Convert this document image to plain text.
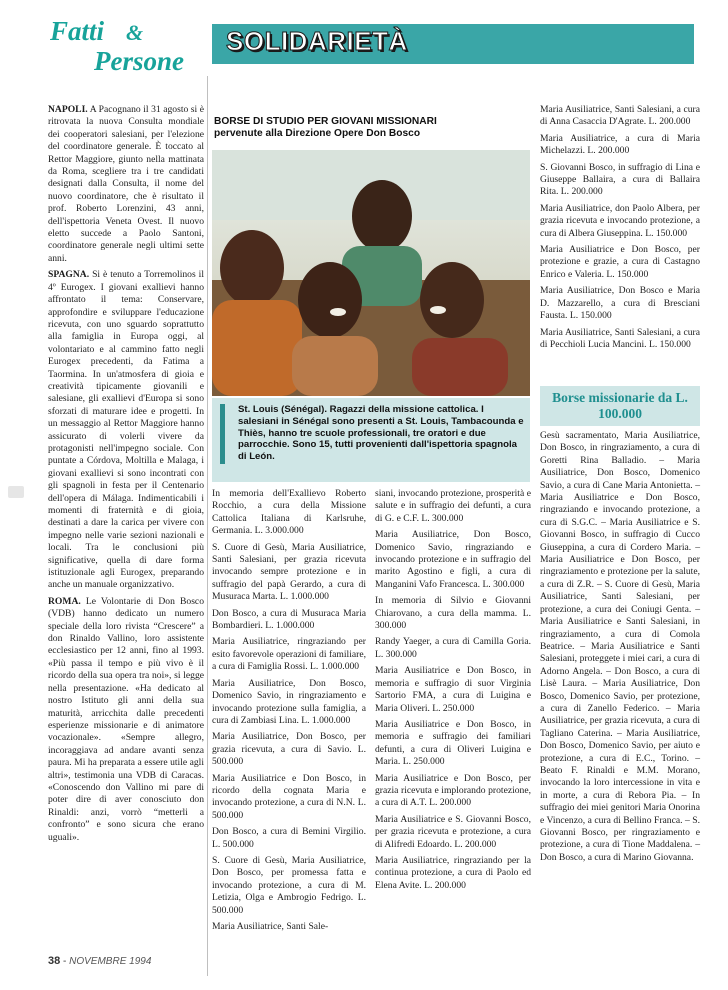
Fatti &
Persone
SOLIDARIETÀ

NAPOLI. A Pacognano il 31 agosto si è ritrovata la nuova Consulta mondiale dei cooperatori salesiani, per l'elezione del coordinatore generale. È toccato al Rettor Maggiore, giunto nella mattinata da Roma, scegliere tra i tre candidati designati dalla Consulta, il nome del nuovo coordinatore, che è risultato il prof. Roberto Lorenzini, 43 anni, dell'ispettoria Veneta Ovest. Il nuovo eletto succede a Paolo Santoni, coordinatore generale negli ultimi sette anni.

SPAGNA. Si è tenuto a Torremolinos il 4º Eurogex. I giovani exallievi hanno affrontato il tema: Conservare, approfondire e sviluppare l'educazione ricevuta, con uno sguardo soprattutto alla famiglia in Europa oggi, al volontariato e al cammino fatto negli Eurogex precedenti, da Fatima a Taormina. In un'atmosfera di gioia e creatività tipicamente giovanili e salesiane, gli exallievi d'Europa si sono sforzati di maturare idee e progetti. In un messaggio al Rettor Maggiore hanno assicurato di volerli vivere da protagonisti nell'impegno sociale. Con puntate a Córdova, Moltilla e Malaga, i giovani exallievi si sono incontrati con gli spagnoli in festa per il Centenario dell'opera di Málaga. Indimenticabili i momenti di fraternità e di gioia, destinati a dare la carica per vivere con impegno nelle varie sezioni nazionali e locali. Tra le conclusioni più significative, quella di dare forma istituzionale agli Eurogex, preparando anche un manuale organizzativo.

ROMA. Le Volontarie di Don Bosco (VDB) hanno dedicato un numero speciale della loro rivista “Crescere” a don Rinaldo Vallino, loro assistente ecclesiastico per 12 anni, fino al 1993. «Più passa il tempo e più vivo è il ricordo della sua opera tra noi», si legge nella presentazione. «Ha dedicato al nostro Istituto gli anni della sua maturità, arricchita dalle precedenti esperienze missionarie e di animatore vocazionale». «Sempre allegro, incoraggiava ad andare avanti senza paura. Mi ha preparata a essere utile agli altri», testimonia una VDB di Caracas. «Conoscendo don Vallino mi pare di poter dire di aver conosciuto don Rinaldi: anzi, vorrò “metterli a confronto” e sono sicura che erano uguali».

BORSE DI STUDIO PER GIOVANI MISSIONARI
pervenute alla Direzione Opere Don Bosco

St. Louis (Sénégal). Ragazzi della missione cattolica. I salesiani in Sénégal sono presenti a St. Louis, Tambacounda e Thiès, hanno tre scuole professionali, tre oratori e due parrocchie. Sono 15, tutti provenienti dall'ispettoria spagnola di León.

In memoria dell'Exallievo Roberto Rocchio, a cura della Missione Cattolica Italiana di Karlsruhe, Germania. L. 3.000.000

S. Cuore di Gesù, Maria Ausiliatrice, Santi Salesiani, per grazia ricevuta invocando sempre protezione e in suffragio del papà Gerardo, a cura di Musuraca Marta. L. 1.000.000

Don Bosco, a cura di Musuraca Maria Bombardieri. L. 1.000.000

Maria Ausiliatrice, ringraziando per esito favorevole operazioni di familiare, a cura di Famiglia Rossi. L. 1.000.000

Maria Ausiliatrice, Don Bosco, Domenico Savio, in ringraziamento e invocando protezione sulla famiglia, a cura di Zambiasi Lina. L. 1.000.000

Maria Ausiliatrice, Don Bosco, per grazia ricevuta, a cura di Savio. L. 500.000

Maria Ausiliatrice e Don Bosco, in ricordo della cognata Maria e invocando protezione, a cura di N.N. L. 500.000

Don Bosco, a cura di Bemini Virgilio. L. 500.000

S. Cuore di Gesù, Maria Ausiliatrice, Don Bosco, per promessa fatta e invocando protezione, a cura di M. Letizia, Olga e Ambrogio Fedrigo. L. 500.000

Maria Ausiliatrice, Santi Sale-

siani, invocando protezione, prosperità e salute e in suffragio dei defunti, a cura di G. e C.F. L. 300.000

Maria Ausiliatrice, Don Bosco, Domenico Savio, ringraziando e invocando protezione e in suffragio del marito Agostino e figli, a cura di Manganini Vafo Francesca. L. 300.000

In memoria di Silvio e Giovanni Chiarovano, a cura della mamma. L. 300.000

Randy Yaeger, a cura di Camilla Goria. L. 300.000

Maria Ausiliatrice e Don Bosco, in memoria e suffragio di suor Virginia Sartorio FMA, a cura di Luigina e Maria Oliveri. L. 250.000

Maria Ausiliatrice e Don Bosco, in memoria e suffragio dei familiari defunti, a cura di Oliveri Luigina e Maria. L. 250.000

Maria Ausiliatrice e Don Bosco, per grazia ricevuta e implorando protezione, a cura di A.T. L. 200.000

Maria Ausiliatrice e S. Giovanni Bosco, per grazia ricevuta e protezione, a cura di Alifredi Edoardo. L. 200.000

Maria Ausiliatrice, ringraziando per la continua protezione, a cura di Paolo ed Elena Avite. L. 200.000

Maria Ausiliatrice, Santi Salesiani, a cura di Anna Casaccia D'Agrate. L. 200.000

Maria Ausiliatrice, a cura di Maria Michelazzi. L. 200.000

S. Giovanni Bosco, in suffragio di Lina e Giuseppe Ballaira, a cura di Ballaira Rita. L. 200.000

Maria Ausiliatrice, don Paolo Albera, per grazia ricevuta e invocando protezione, a cura di Albera Giuseppina. L. 150.000

Maria Ausiliatrice e Don Bosco, per protezione e grazie, a cura di Castagno Enrico e Valeria. L. 150.000

Maria Ausiliatrice, Don Bosco e Maria D. Mazzarello, a cura di Bresciani Fausta. L. 150.000

Maria Ausiliatrice, Santi Salesiani, a cura di Pecchioli Lucia Mancini. L. 150.000

Borse missionarie da L. 100.000

Gesù sacramentato, Maria Ausiliatrice, Don Bosco, in ringraziamento, a cura di Goretti Rina Balladio. – Maria Ausiliatrice, Don Bosco, Domenico Savio, a cura di Cane Maria Antonietta. – Maria Ausiliatrice e Don Bosco, ringraziando e invocando protezione, a cura di S.G.C. – Maria Ausiliatrice e S. Giovanni Bosco, in suffragio di Cucco Giuseppina, a cura di Cordero Maria. – Maria Ausiliatrice e Don Bosco, per ringraziamento e protezione per la salute, a cura di Z.R. – S. Cuore di Gesù, Maria Ausiliatrice, Santi Salesiani, per protezione, a cura dei Coniugi Genta. – Maria Ausiliatrice e Santi Salesiani, in ringraziamento, a cura di Comola Beatrice. – Maria Ausiliatrice e Santi Salesiani, proteggete i miei cari, a cura di Adorno Angela. – Don Bosco, a cura di Lisè Laura. – Maria Ausiliatrice, Don Bosco, Domenico Savio, per protezione, a cura di Zanello Federico. – Maria Ausiliatrice, per grazia ricevuta, a cura di Tagliano Caterina. – Maria Ausiliatrice, Don Bosco, Domenico Savio, per aiuto e protezione, a cura di E.C., Torino. – Beato F. Rinaldi e M.M. Morano, invocando la loro intercessione in vita e in morte, a cura di Rebora Pia. – In suffragio dei miei genitori Maria Onorina e Vincenzo, a cura di Bellino Franca. – S. Giovanni Bosco, per ringraziamento e protezione, a cura di Tione Maddalena. – Don Bosco, a cura di Marino Giovanna.

38 - NOVEMBRE 1994
